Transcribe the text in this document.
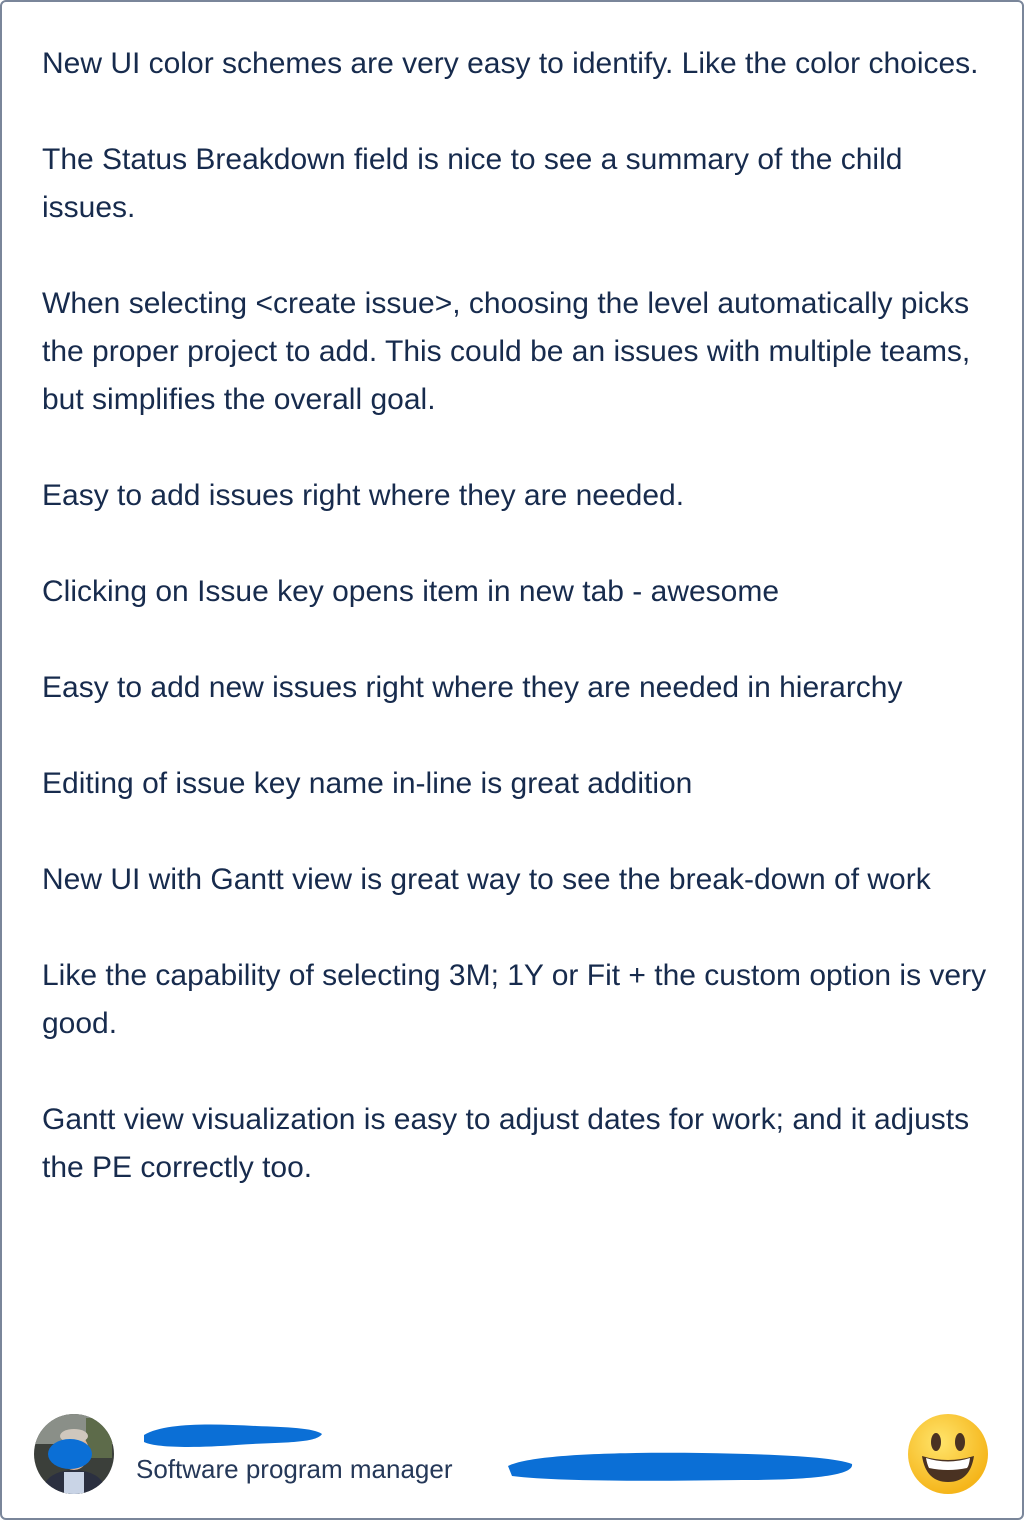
New UI color schemes are very easy to identify. Like the color choices.

The Status Breakdown field is nice to see a summary of the child issues.

When selecting <create issue>, choosing the level automatically picks the proper project to add. This could be an issues with multiple teams, but simplifies the overall goal.

Easy to add issues right where they are needed.

Clicking on Issue key opens item in new tab - awesome

Easy to add new issues right where they are needed in hierarchy

Editing of issue key name in-line is great addition

New UI with Gantt view is great way to see the break-down of work

Like the capability of selecting 3M; 1Y or Fit + the custom option is very good.

Gantt view visualization is easy to adjust dates for work; and it adjusts the PE correctly too.

Software program manager
